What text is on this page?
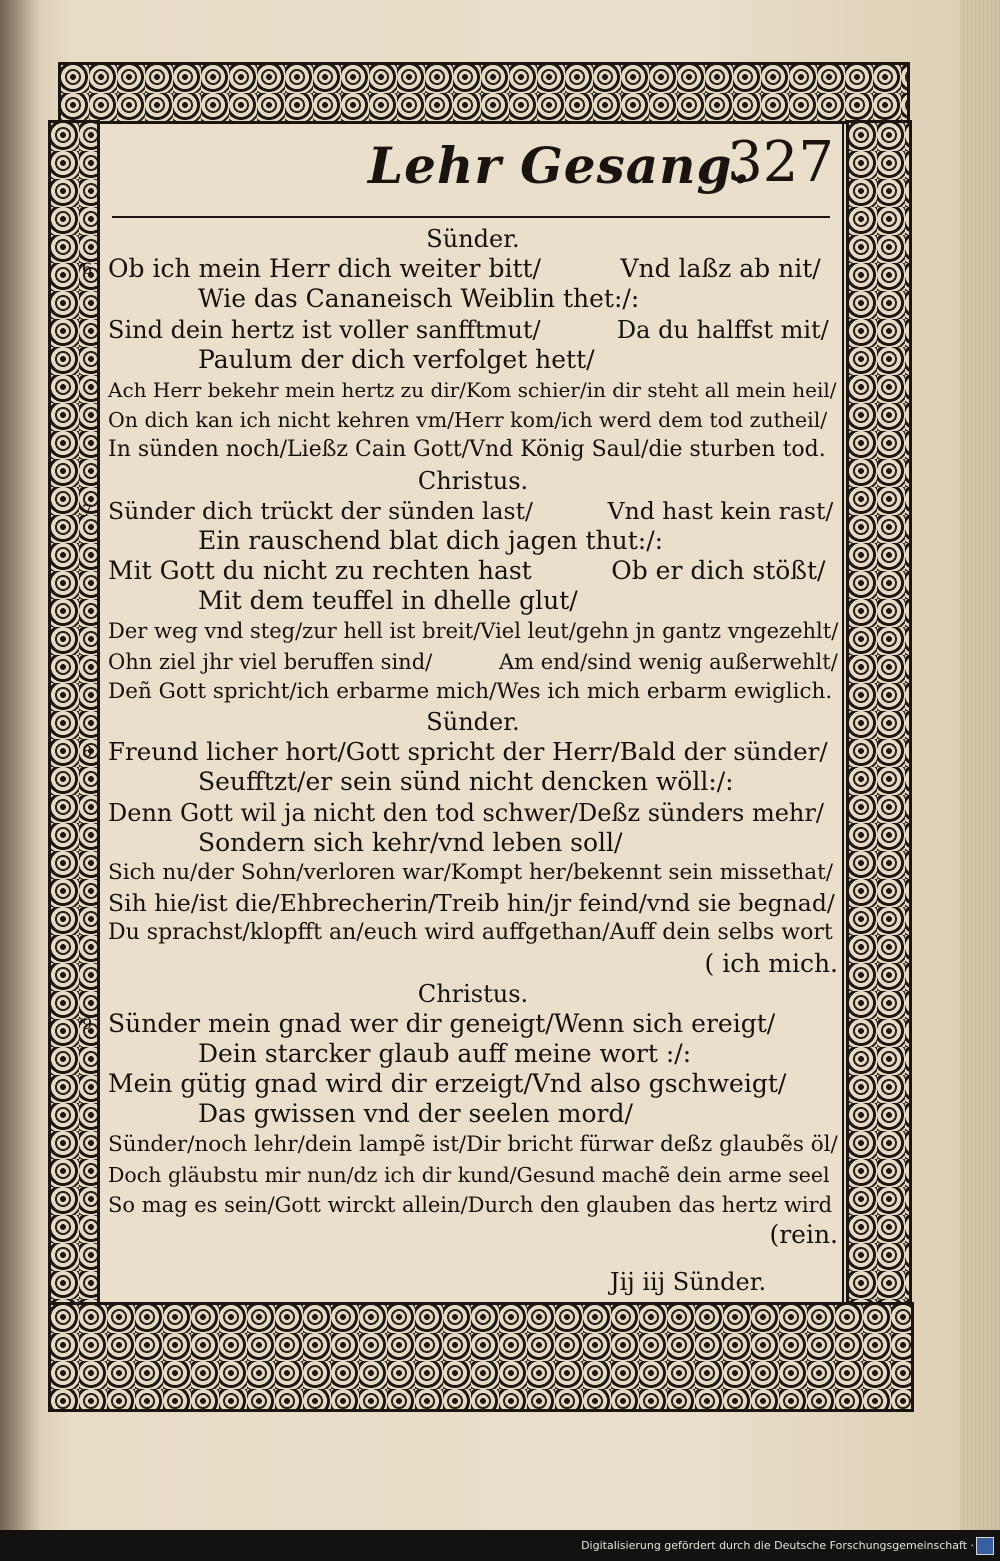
Lehr Gesang.
327
Sünder.
6 Ob ich mein Herr dich weiter bitt/          Vnd laßz ab nit/
Wie das Cananeisch Weiblin thet:/:
Sind dein hertz ist voller sanfftmut/          Da du halffst mit/
Paulum der dich verfolget hett/
Ach Herr bekehr mein hertz zu dir/Kom schier/in dir steht all mein heil/
On dich kan ich nicht kehren vm/Herr kom/ich werd dem tod zutheil/
In sünden noch/Ließz Cain Gott/Vnd König Saul/die sturben tod.
Christus.
7 Sünder dich trückt der sünden last/          Vnd hast kein rast/
Ein rauschend blat dich jagen thut:/:
Mit Gott du nicht zu rechten hast          Ob er dich stößt/
Mit dem teuffel in dhelle glut/
Der weg vnd steg/zur hell ist breit/Viel leut/gehn jn gantz vngezehlt/
Ohn ziel jhr viel beruffen sind/          Am end/sind wenig außerwehlt/
Deñ Gott spricht/ich erbarme mich/Wes ich mich erbarm ewiglich.
Sünder.
8 Freund licher hort/Gott spricht der Herr/Bald der sünder/
Seufftzt/er sein sünd nicht dencken wöll:/:
Denn Gott wil ja nicht den tod schwer/Deßz sünders mehr/
Sondern sich kehr/vnd leben soll/
Sich nu/der Sohn/verloren war/Kompt her/bekennt sein missethat/
Sih hie/ist die/Ehbrecherin/Treib hin/jr feind/vnd sie begnad/
Du sprachst/klopfft an/euch wird auffgethan/Auff dein selbs wort
( ich mich.
Christus.
9 Sünder mein gnad wer dir geneigt/Wenn sich ereigt/
Dein starcker glaub auff meine wort :/:
Mein gütig gnad wird dir erzeigt/Vnd also gschweigt/
Das gwissen vnd der seelen mord/
Sünder/noch lehr/dein lampẽ ist/Dir bricht fürwar deßz glaubẽs öl/
Doch gläubstu mir nun/dz ich dir kund/Gesund machẽ dein arme seel
So mag es sein/Gott wirckt allein/Durch den glauben das hertz wird
(rein.
Jij iij Sünder.
Digitalisierung gefördert durch die Deutsche Forschungsgemeinschaft ·
